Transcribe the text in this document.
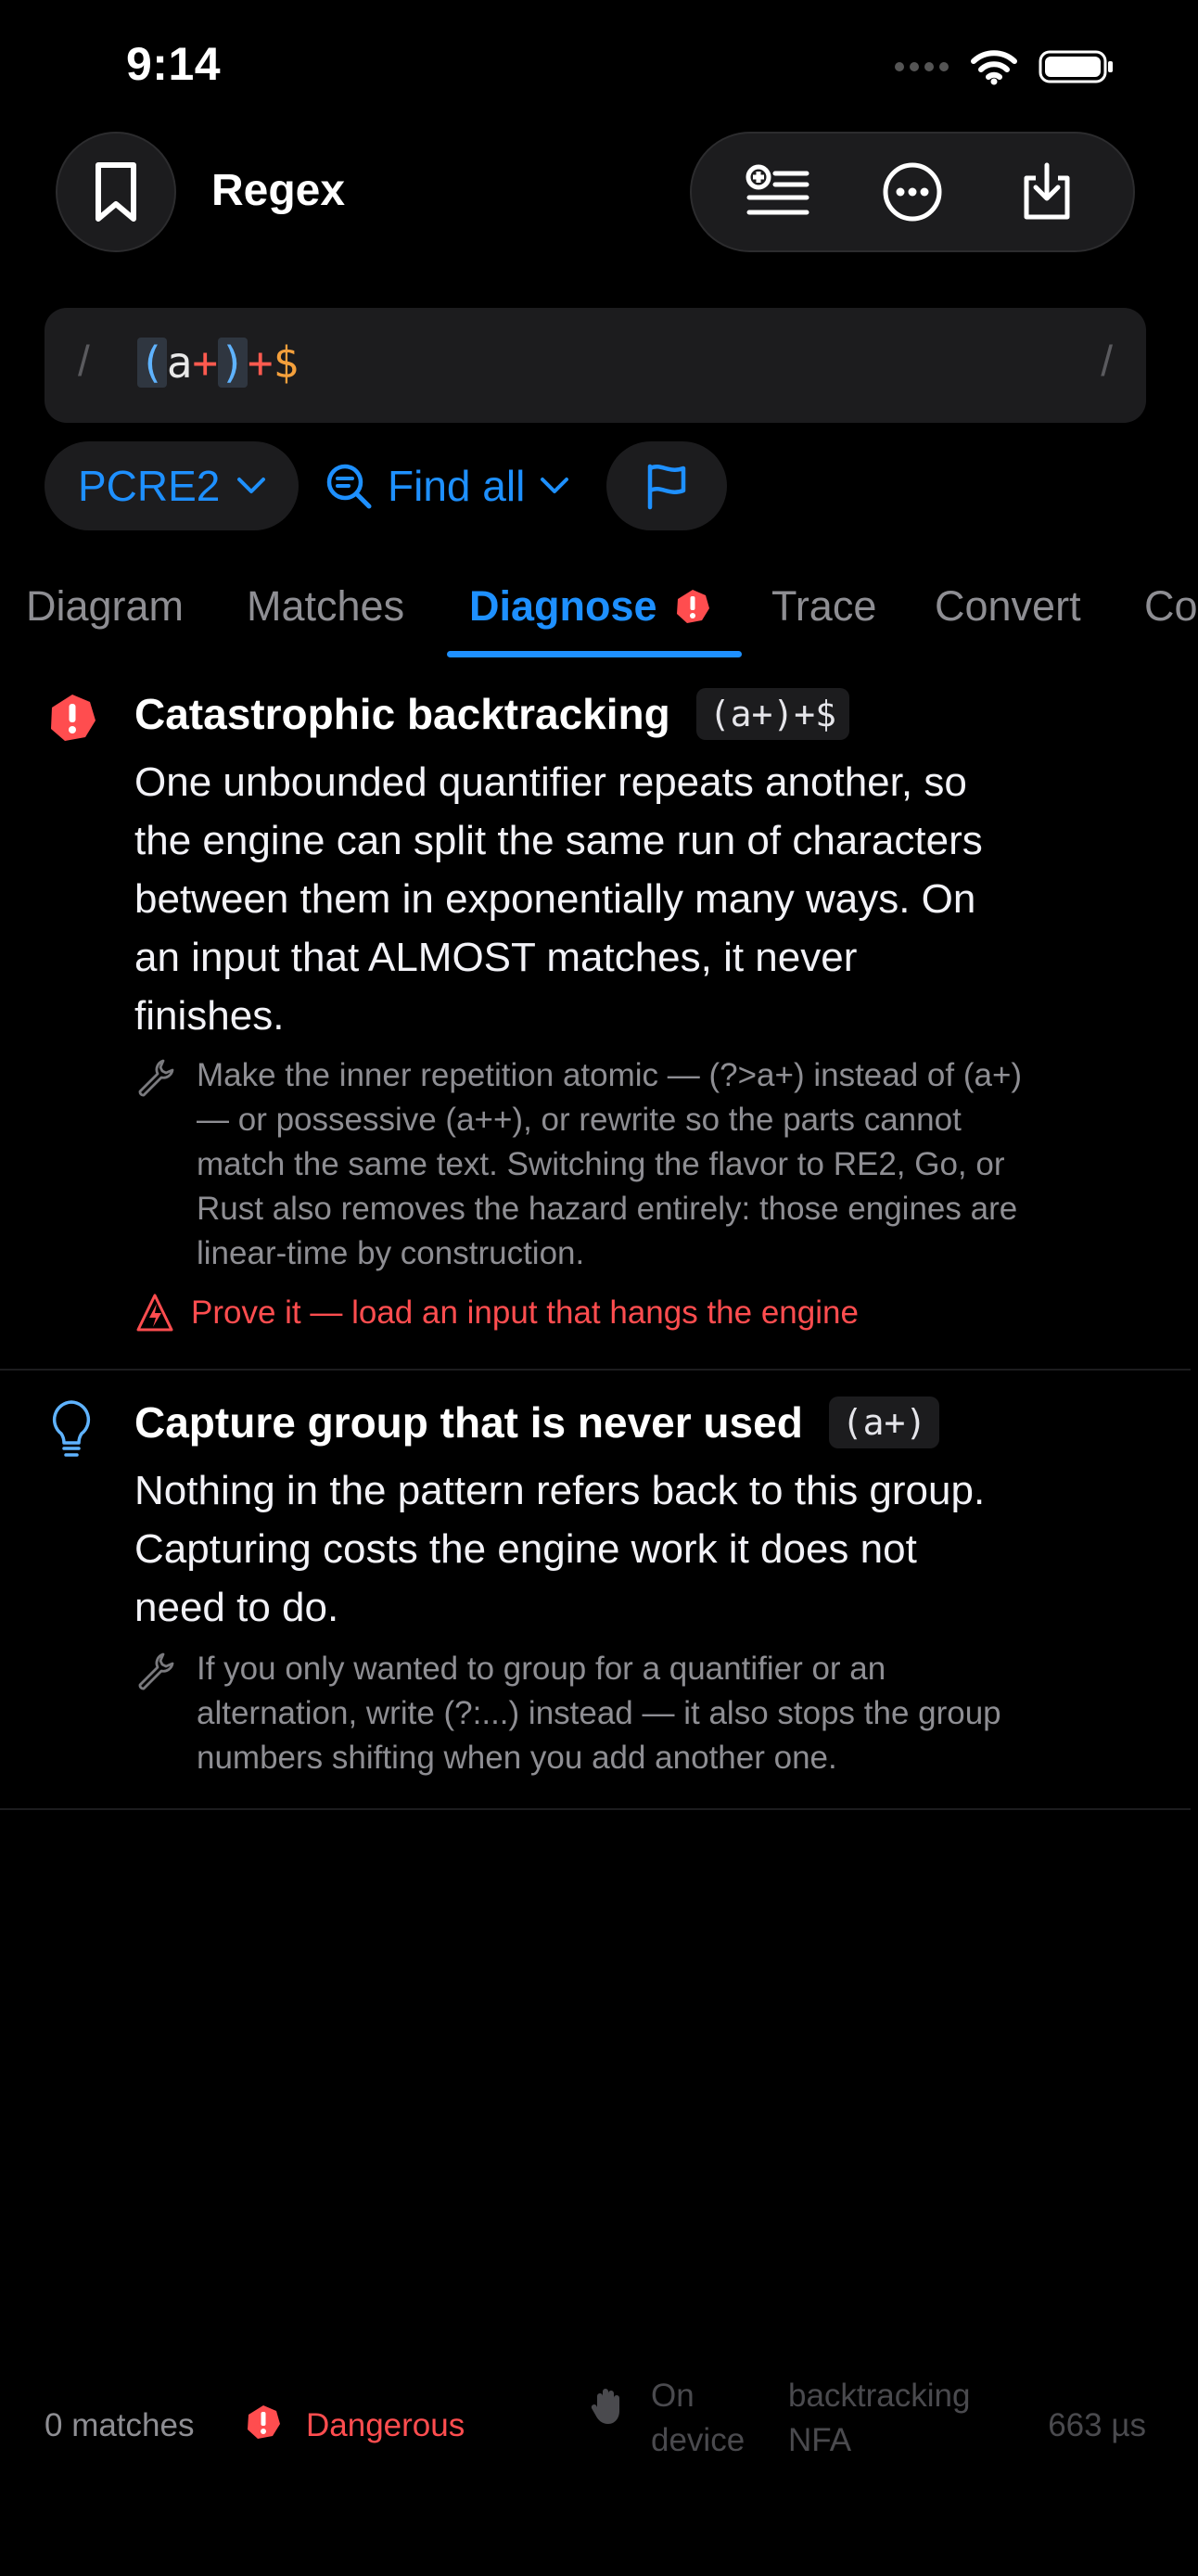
9:14
Regex
/ ( a + ) + $	/
PCRE2	Find all
Diagram Matches Diagnose	Trace Convert Co
Catastrophic backtracking	(a+)+$
One unbounded quantifier repeats another, so
the engine can split the same run of characters
between them in exponentially many ways. On
an input that ALMOST matches, it never
finishes.
Make the inner repetition atomic — (?>a+) instead of (a+)
— or possessive (a++), or rewrite so the parts cannot
match the same text. Switching the flavor to RE2, Go, or
Rust also removes the hazard entirely: those engines are
linear-time by construction.
Prove it — load an input that hangs the engine
Capture group that is never used	(a+)
Nothing in the pattern refers back to this group.
Capturing costs the engine work it does not
need to do.
If you only wanted to group for a quantifier or an
alternation, write (?:...) instead — it also stops the group
numbers shifting when you add another one.
0 matches	Dangerous
On
device
backtracking
NFA	663 µs
